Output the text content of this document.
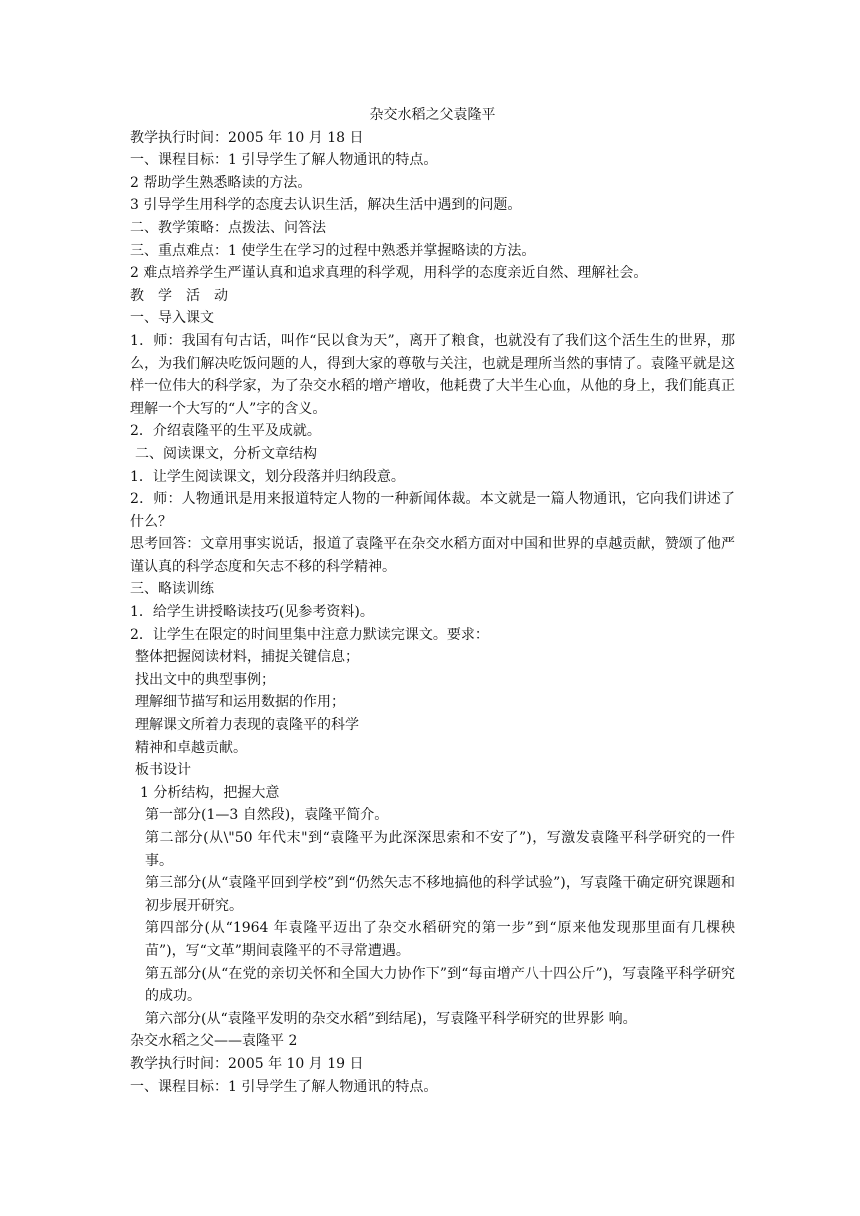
杂交水稻之父袁隆平

教学执行时间：2005 年 10 月 18 日

一、课程目标：1 引导学生了解人物通讯的特点。

2 帮助学生熟悉略读的方法。

3 引导学生用科学的态度去认识生活，解决生活中遇到的问题。

二、教学策略：点拨法、问答法

三、重点难点：1 使学生在学习的过程中熟悉并掌握略读的方法。

2 难点培养学生严谨认真和追求真理的科学观，用科学的态度亲近自然、理解社会。

教　学　活　动

一、导入课文

1．师：我国有句古话，叫作“民以食为天”，离开了粮食，也就没有了我们这个活生生的世界，那么，为我们解决吃饭问题的人，得到大家的尊敬与关注，也就是理所当然的事情了。袁隆平就是这样一位伟大的科学家，为了杂交水稻的增产增收，他耗费了大半生心血，从他的身上，我们能真正理解一个大写的“人”字的含义。

2．介绍袁隆平的生平及成就。

二、阅读课文，分析文章结构

1．让学生阅读课文，划分段落并归纳段意。

2．师：人物通讯是用来报道特定人物的一种新闻体裁。本文就是一篇人物通讯，它向我们讲述了什么？

思考回答：文章用事实说话，报道了袁隆平在杂交水稻方面对中国和世界的卓越贡献，赞颂了他严谨认真的科学态度和矢志不移的科学精神。

三、略读训练

1．给学生讲授略读技巧(见参考资料)。

2．让学生在限定的时间里集中注意力默读完课文。要求：

整体把握阅读材料，捕捉关键信息；

找出文中的典型事例；

理解细节描写和运用数据的作用；

理解课文所着力表现的袁隆平的科学

精神和卓越贡献。

板书设计

1 分析结构，把握大意

第一部分(1—3 自然段)，袁隆平简介。

第二部分(从\"50 年代末"到“袁隆平为此深深思索和不安了”)，写激发袁隆平科学研究的一件事。

第三部分(从“袁隆平回到学校”到“仍然矢志不移地搞他的科学试验”)，写袁隆干确定研究课题和初步展开研究。

第四部分(从“1964 年袁隆平迈出了杂交水稻研究的第一步”到“原来他发现那里面有几棵秧苗”)，写“文革”期间袁隆平的不寻常遭遇。

第五部分(从“在党的亲切关怀和全国大力协作下”到“每亩增产八十四公斤”)，写袁隆平科学研究的成功。

第六部分(从“袁隆平发明的杂交水稻”到结尾)，写袁隆平科学研究的世界影 响。

杂交水稻之父——袁隆平 2

教学执行时间：2005 年 10 月 19 日

一、课程目标：1 引导学生了解人物通讯的特点。
